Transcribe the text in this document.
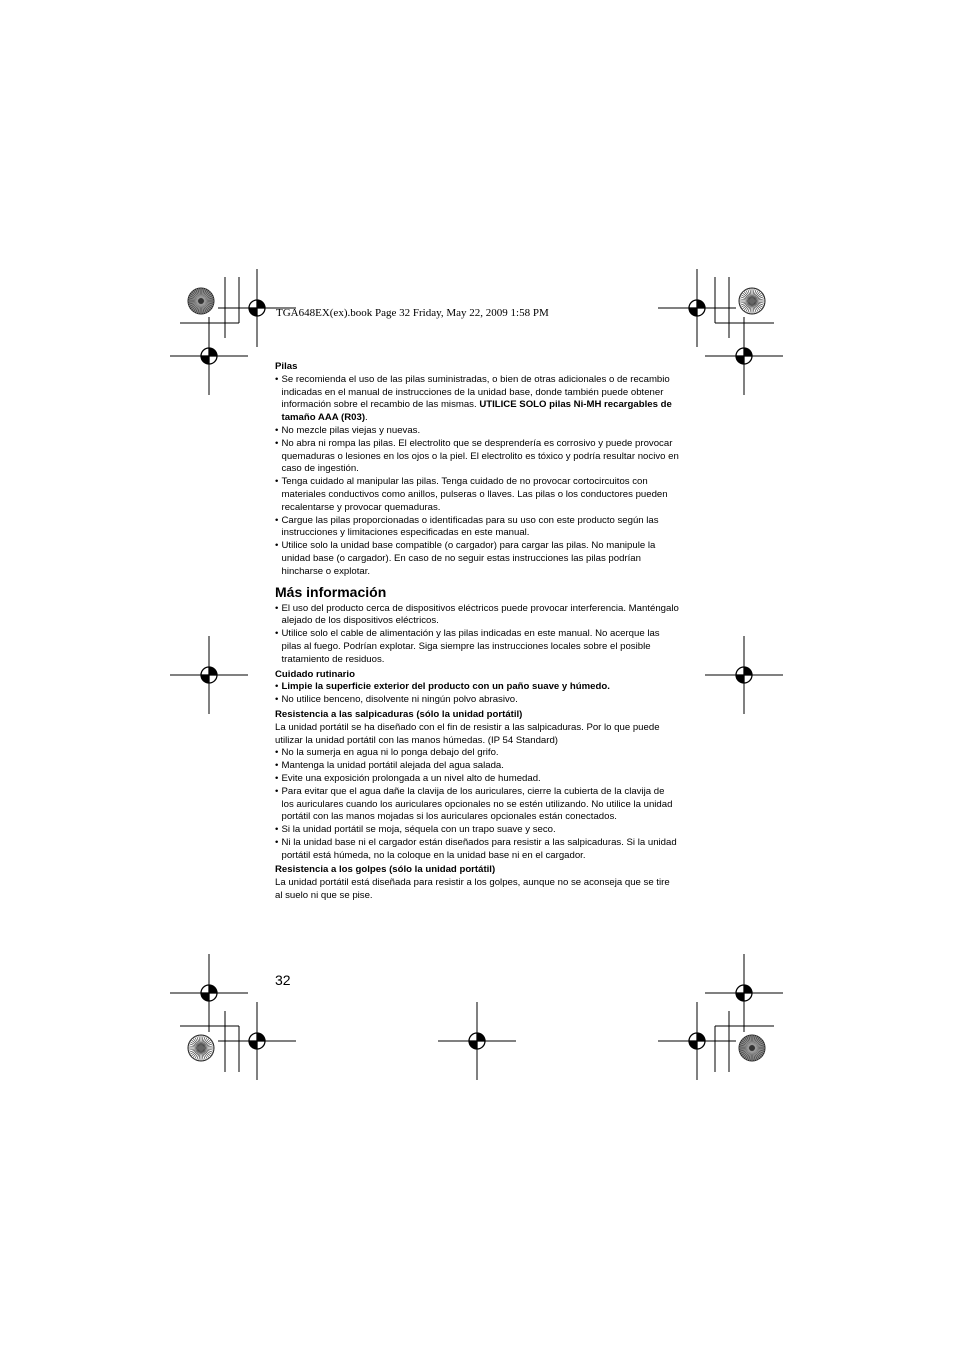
TGA648EX(ex).book Page 32 Friday, May 22, 2009 1:58 PM

Pilas

• Se recomienda el uso de las pilas suministradas, o bien de otras adicionales o de recambio indicadas en el manual de instrucciones de la unidad base, donde también puede obtener información sobre el recambio de las mismas. UTILICE SOLO pilas Ni-MH recargables de tamaño AAA (R03).

• No mezcle pilas viejas y nuevas.

• No abra ni rompa las pilas. El electrolito que se desprendería es corrosivo y puede provocar quemaduras o lesiones en los ojos o la piel. El electrolito es tóxico y podría resultar nocivo en caso de ingestión.

• Tenga cuidado al manipular las pilas. Tenga cuidado de no provocar cortocircuitos con materiales conductivos como anillos, pulseras o llaves. Las pilas o los conductores pueden recalentarse y provocar quemaduras.

• Cargue las pilas proporcionadas o identificadas para su uso con este producto según las instrucciones y limitaciones especificadas en este manual.

• Utilice solo la unidad base compatible (o cargador) para cargar las pilas. No manipule la unidad base (o cargador). En caso de no seguir estas instrucciones las pilas podrían hincharse o explotar.

Más información

• El uso del producto cerca de dispositivos eléctricos puede provocar interferencia. Manténgalo alejado de los dispositivos eléctricos.

• Utilice solo el cable de alimentación y las pilas indicadas en este manual. No acerque las pilas al fuego. Podrían explotar. Siga siempre las instrucciones locales sobre el posible tratamiento de residuos.

Cuidado rutinario

• Limpie la superficie exterior del producto con un paño suave y húmedo.

• No utilice benceno, disolvente ni ningún polvo abrasivo.

Resistencia a las salpicaduras (sólo la unidad portátil)

La unidad portátil se ha diseñado con el fin de resistir a las salpicaduras. Por lo que puede utilizar la unidad portátil con las manos húmedas. (IP 54 Standard)

• No la sumerja en agua ni lo ponga debajo del grifo.

• Mantenga la unidad portátil alejada del agua salada.

• Evite una exposición prolongada a un nivel alto de humedad.

• Para evitar que el agua dañe la clavija de los auriculares, cierre la cubierta de la clavija de los auriculares cuando los auriculares opcionales no se estén utilizando. No utilice la unidad portátil con las manos mojadas si los auriculares opcionales están conectados.

• Si la unidad portátil se moja, séquela con un trapo suave y seco.

• Ni la unidad base ni el cargador están diseñados para resistir a las salpicaduras. Si la unidad portátil está húmeda, no la coloque en la unidad base ni en el cargador.

Resistencia a los golpes (sólo la unidad portátil)

La unidad portátil está diseñada para resistir a los golpes, aunque no se aconseja que se tire al suelo ni que se pise.

32
